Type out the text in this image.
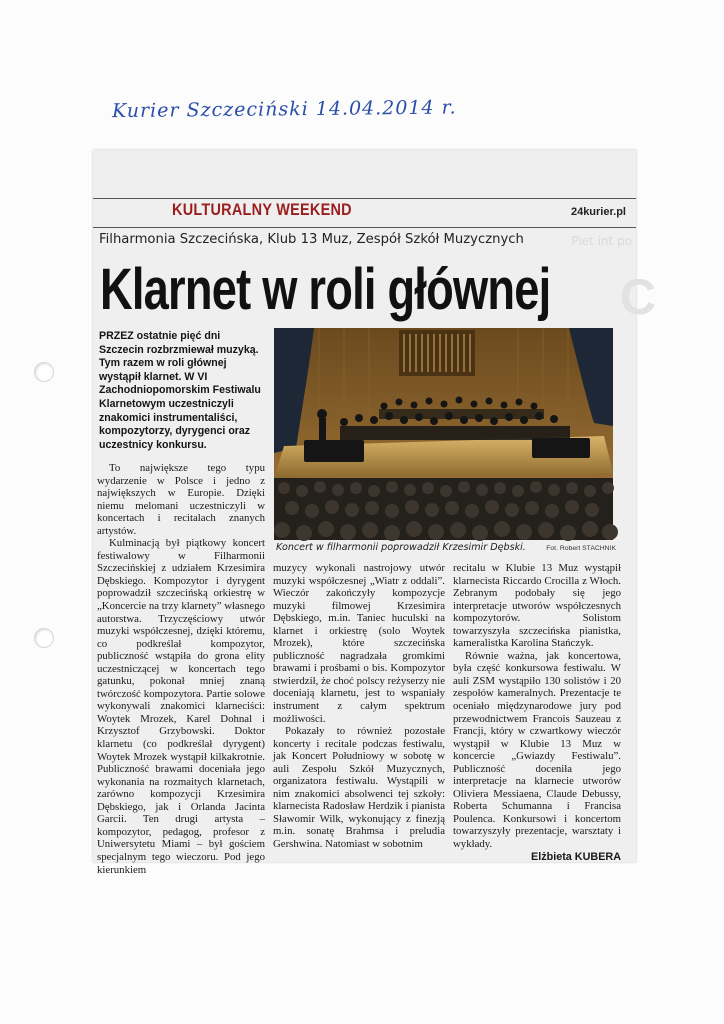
Kurier Szczeciński 14.04.2014 r.
KULTURALNY WEEKEND	24kurier.pl
Filharmonia Szczecińska, Klub 13 Muz, Zespół Szkół Muzycznych	Piet int po
C
Klarnet w roli głównej
PRZEZ ostatnie pięć dni Szczecin rozbrzmiewał muzyką. Tym razem w roli głównej wystąpił klarnet. W VI Zachodniopomorskim Festiwalu Klarnetowym uczestniczyli znakomici instrumentaliści, kompozytorzy, dyrygenci oraz uczestnicy konkursu.
Koncert w filharmonii poprowadził Krzesimir Dębski.	Fot. Robert STACHNIK

To największe tego typu wydarzenie w Polsce i jedno z największych w Europie. Dzięki niemu melomani uczestniczyli w koncertach i recitalach znanych artystów.

Kulminacją był piątkowy koncert festiwalowy w Filharmonii Szczecińskiej z udziałem Krzesimira Dębskiego. Kompozytor i dyrygent poprowadził szczecińską orkiestrę w „Koncercie na trzy klarnety” własnego autorstwa. Trzyczęściowy utwór muzyki współczesnej, dzięki któremu, co podkreślał kompozytor, publiczność wstąpiła do grona elity uczestniczącej w koncertach tego gatunku, pokonał mniej znaną twórczość kompozytora. Partie solowe wykonywali znakomici klarneciści: Woytek Mrozek, Karel Dohnal i Krzysztof Grzybowski. Doktor klarnetu (co podkreślał dyrygent) Woytek Mrozek wystąpił kilkakrotnie. Publiczność brawami doceniała jego wykonania na rozmaitych klarnetach, zarówno kompozycji Krzesimira Dębskiego, jak i Orlanda Jacinta Garcii. Ten drugi artysta – kompozytor, pedagog, profesor z Uniwersytetu Miami – był gościem specjalnym tego wieczoru. Pod jego kierunkiem

muzycy wykonali nastrojowy utwór muzyki współczesnej „Wiatr z oddali”. Wieczór zakończyły kompozycje muzyki filmowej Krzesimira Dębskiego, m.in. Taniec huculski na klarnet i orkiestrę (solo Woytek Mrozek), które szczecińska publiczność nagradzała gromkimi brawami i prośbami o bis. Kompozytor stwierdził, że choć polscy reżyserzy nie doceniają klarnetu, jest to wspaniały instrument z całym spektrum możliwości.

Pokazały to również pozostałe koncerty i recitale podczas festiwalu, jak Koncert Południowy w sobotę w auli Zespołu Szkół Muzycznych, organizatora festiwalu. Wystąpili w nim znakomici absolwenci tej szkoły: klarnecista Radosław Herdzik i pianista Sławomir Wilk, wykonujący z finezją m.in. sonatę Brahmsa i preludia Gershwina. Natomiast w sobotnim

recitalu w Klubie 13 Muz wystąpił klarnecista Riccardo Crocilla z Włoch. Zebranym podobały się jego interpretacje utworów współczesnych kompozytorów. Solistom towarzyszyła szczecińska pianistka, kameralistka Karolina Stańczyk.

Równie ważna, jak koncertowa, była część konkursowa festiwalu. W auli ZSM wystąpiło 130 solistów i 20 zespołów kameralnych. Prezentacje te oceniało międzynarodowe jury pod przewodnictwem Francois Sauzeau z Francji, który w czwartkowy wieczór wystąpił w Klubie 13 Muz w koncercie „Gwiazdy Festiwalu”. Publiczność doceniła jego interpretacje na klarnecie utworów Oliviera Messiaena, Claude Debussy, Roberta Schumanna i Francisa Poulenca. Konkursowi i koncertom towarzyszyły prezentacje, warsztaty i wykłady.

Elżbieta KUBERA
